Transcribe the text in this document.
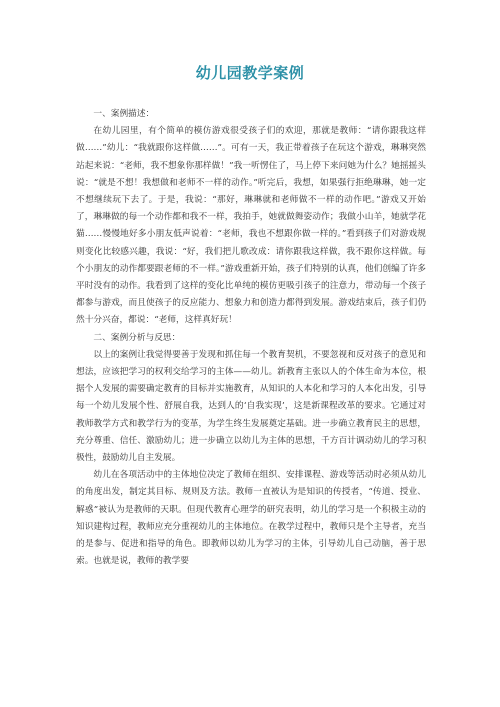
幼儿园教学案例

一、案例描述：

在幼儿园里，有个简单的模仿游戏很受孩子们的欢迎，那就是教师：“请你跟我这样做……”幼儿：“我就跟你这样做……”。可有一天，我正带着孩子在玩这个游戏，琳琳突然站起来说：“老师，我不想象你那样做！”我一听愣住了，马上停下来问她为什么？她摇摇头说：“就是不想！我想做和老师不一样的动作。”听完后，我想，如果强行拒绝琳琳，她一定不想继续玩下去了。于是，我说：“那好，琳琳就和老师做不一样的动作吧。”游戏又开始了，琳琳做的每一个动作都和我不一样，我拍手，她就做舞姿动作；我做小山羊，她就学花猫……慢慢地好多小朋友低声说着：“老师，我也不想跟你做一样的。”看到孩子们对游戏规则变化比较感兴趣，我说：“好，我们把儿歌改成：请你跟我这样做，我不跟你这样做。每个小朋友的动作都要跟老师的不一样。”游戏重新开始，孩子们特别的认真，他们创编了许多平时没有的动作。我看到了这样的变化比单纯的模仿更吸引孩子的注意力，带动每一个孩子都参与游戏，而且使孩子的反应能力、想象力和创造力都得到发展。游戏结束后，孩子们仍然十分兴奋，都说：“老师，这样真好玩！

二、案例分析与反思：

以上的案例让我觉得要善于发现和抓住每一个教育契机，不要忽视和反对孩子的意见和想法，应该把学习的权利交给学习的主体——幼儿。新教育主张以人的个体生命为本位，根据个人发展的需要确定教育的目标并实施教育，从知识的人本化和学习的人本化出发，引导每一个幼儿发展个性、舒展自我，达到人的‘自我实现’，这是新课程改革的要求。它通过对教师教学方式和教学行为的变革，为学生终生发展奠定基础。进一步确立教育民主的思想，充分尊重、信任、激励幼儿；进一步确立以幼儿为主体的思想，千方百计调动幼儿的学习积极性，鼓励幼儿自主发展。

幼儿在各项活动中的主体地位决定了教师在组织、安排课程、游戏等活动时必须从幼儿的角度出发，制定其目标、规则及方法。教师一直被认为是知识的传授者，“传道、授业、解惑”被认为是教师的天职。但现代教育心理学的研究表明，幼儿的学习是一个积极主动的知识建构过程，教师应充分重视幼儿的主体地位。在教学过程中，教师只是个主导者，充当的是参与、促进和指导的角色。即教师以幼儿为学习的主体，引导幼儿自己动脑，善于思索。也就是说，教师的教学要
